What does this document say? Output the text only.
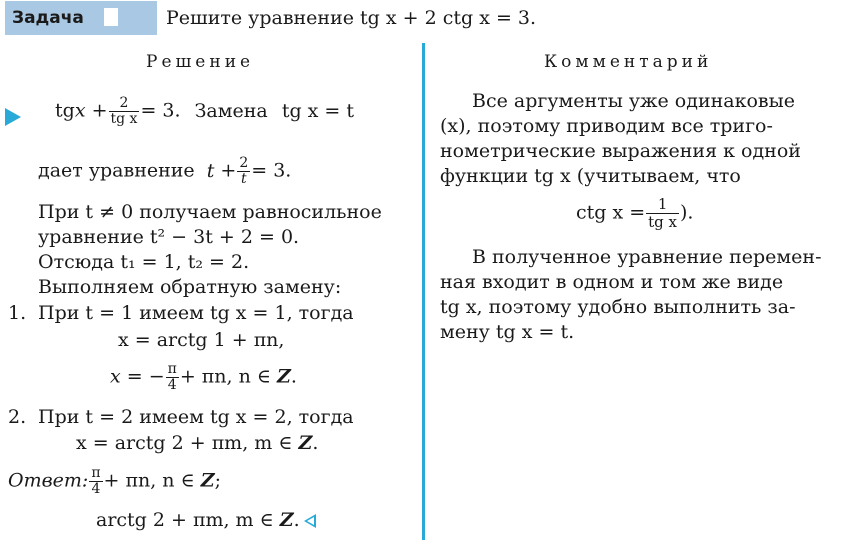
Задача	Решите уравнение tg x + 2 ctg x = 3.
Решение
tgx + $\frac{2}{\text{tg x}} = 3$. Замена tg x = t
дает уравнение $t + \frac{2}{t} = 3$.
При t ≠ 0 получаем равносильное
уравнение t² − 3t + 2 = 0.
Отсюда t₁ = 1, t₂ = 2.
Выполняем обратную замену:
1. При t = 1 имеем tg x = 1, тогда
x = arctg 1 + πn,
x = − $\frac{\pi}{4} + \pi n$, n ∈ Z.
2. При t = 2 имеем tg x = 2, тогда
x = arctg 2 + πm, m ∈ Z.
Ответ: $\frac{\pi}{4} + \pi n$, n ∈ Z;
arctg 2 + πm, m ∈ Z.
Комментарий
Все аргументы уже одинаковые
(x), поэтому приводим все триго-
нометрические выражения к одной
функции tg x (учитываем, что
ctg $x = \frac{1}{\text{tg x}}$ ).
В полученное уравнение перемен-
ная входит в одном и том же виде
tg x, поэтому удобно выполнить за-
мену tg x = t.
